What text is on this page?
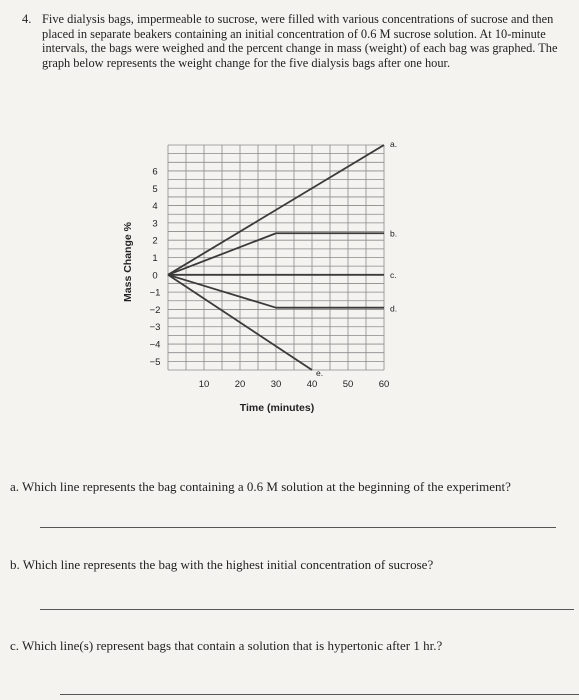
4. Five dialysis bags, impermeable to sucrose, were filled with various concentrations of sucrose and then placed in separate beakers containing an initial concentration of 0.6 M sucrose solution. At 10-minute intervals, the bags were weighed and the percent change in mass (weight) of each bag was graphed. The graph below represents the weight change for the five dialysis bags after one hour.
6
5
4
3
2
1
0
−1
−2
−3
−4
−5
10	20	30	40	50	60
a.
b.
c.
d.
e.
Time (minutes)
Mass Change %
a. Which line represents the bag containing a 0.6 M solution at the beginning of the experiment?
b. Which line represents the bag with the highest initial concentration of sucrose?
c. Which line(s) represent bags that contain a solution that is hypertonic after 1 hr.?
